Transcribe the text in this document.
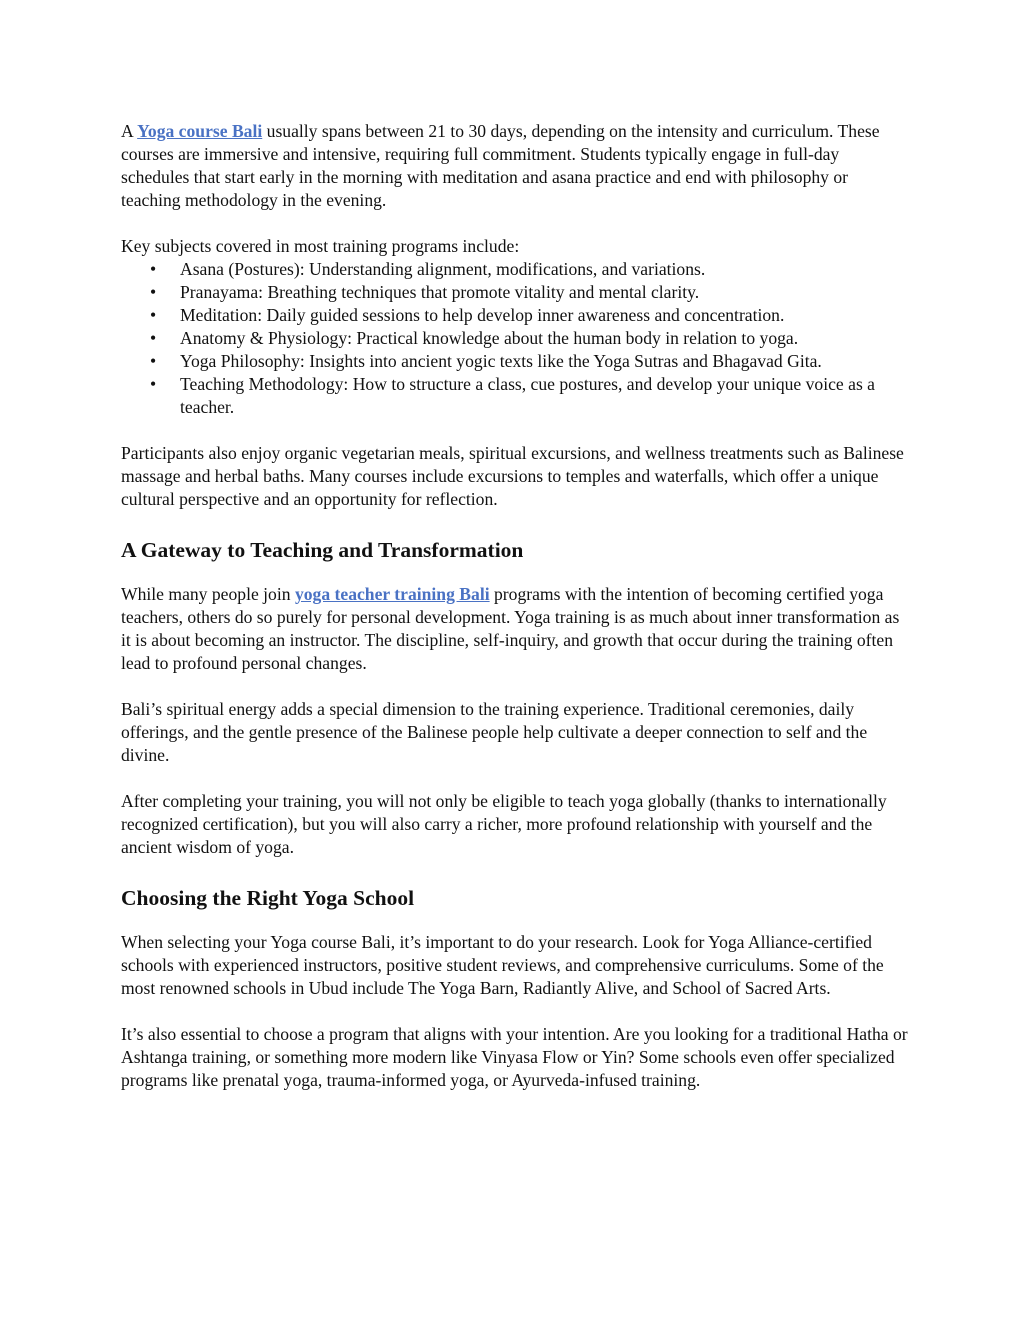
A Yoga course Bali usually spans between 21 to 30 days, depending on the intensity and curriculum. These courses are immersive and intensive, requiring full commitment. Students typically engage in full-day schedules that start early in the morning with meditation and asana practice and end with philosophy or teaching methodology in the evening.

Key subjects covered in most training programs include:

• Asana (Postures): Understanding alignment, modifications, and variations.
• Pranayama: Breathing techniques that promote vitality and mental clarity.
• Meditation: Daily guided sessions to help develop inner awareness and concentration.
• Anatomy & Physiology: Practical knowledge about the human body in relation to yoga.
• Yoga Philosophy: Insights into ancient yogic texts like the Yoga Sutras and Bhagavad Gita.
• Teaching Methodology: How to structure a class, cue postures, and develop your unique voice as a teacher.

Participants also enjoy organic vegetarian meals, spiritual excursions, and wellness treatments such as Balinese massage and herbal baths. Many courses include excursions to temples and waterfalls, which offer a unique cultural perspective and an opportunity for reflection.

A Gateway to Teaching and Transformation

While many people join yoga teacher training Bali programs with the intention of becoming certified yoga teachers, others do so purely for personal development. Yoga training is as much about inner transformation as it is about becoming an instructor. The discipline, self-inquiry, and growth that occur during the training often lead to profound personal changes.

Bali’s spiritual energy adds a special dimension to the training experience. Traditional ceremonies, daily offerings, and the gentle presence of the Balinese people help cultivate a deeper connection to self and the divine.

After completing your training, you will not only be eligible to teach yoga globally (thanks to internationally recognized certification), but you will also carry a richer, more profound relationship with yourself and the ancient wisdom of yoga.

Choosing the Right Yoga School

When selecting your Yoga course Bali, it’s important to do your research. Look for Yoga Alliance-certified schools with experienced instructors, positive student reviews, and comprehensive curriculums. Some of the most renowned schools in Ubud include The Yoga Barn, Radiantly Alive, and School of Sacred Arts.

It’s also essential to choose a program that aligns with your intention. Are you looking for a traditional Hatha or Ashtanga training, or something more modern like Vinyasa Flow or Yin? Some schools even offer specialized programs like prenatal yoga, trauma-informed yoga, or Ayurveda-infused training.
